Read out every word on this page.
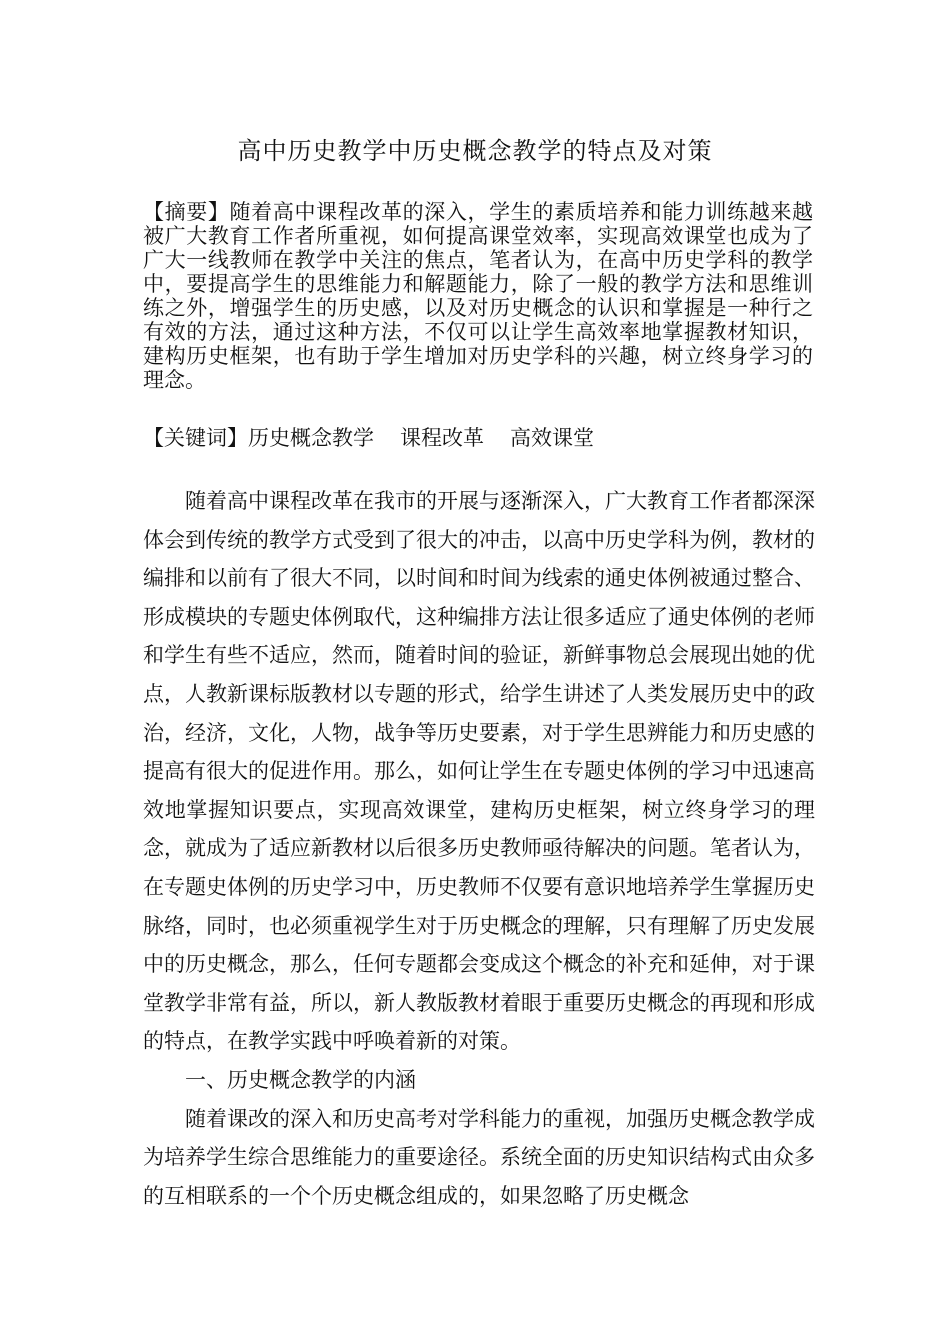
高中历史教学中历史概念教学的特点及对策

【摘要】随着高中课程改革的深入，学生的素质培养和能力训练越来越被广大教育工作者所重视，如何提高课堂效率，实现高效课堂也成为了广大一线教师在教学中关注的焦点，笔者认为，在高中历史学科的教学中，要提高学生的思维能力和解题能力，除了一般的教学方法和思维训练之外，增强学生的历史感，以及对历史概念的认识和掌握是一种行之有效的方法，通过这种方法，不仅可以让学生高效率地掌握教材知识，建构历史框架，也有助于学生增加对历史学科的兴趣，树立终身学习的理念。

【关键词】历史概念教学 课程改革 高效课堂

随着高中课程改革在我市的开展与逐渐深入，广大教育工作者都深深体会到传统的教学方式受到了很大的冲击，以高中历史学科为例，教材的编排和以前有了很大不同，以时间和时间为线索的通史体例被通过整合、形成模块的专题史体例取代，这种编排方法让很多适应了通史体例的老师和学生有些不适应，然而，随着时间的验证，新鲜事物总会展现出她的优点，人教新课标版教材以专题的形式，给学生讲述了人类发展历史中的政治，经济，文化，人物，战争等历史要素，对于学生思辨能力和历史感的提高有很大的促进作用。那么，如何让学生在专题史体例的学习中迅速高效地掌握知识要点，实现高效课堂，建构历史框架，树立终身学习的理念，就成为了适应新教材以后很多历史教师亟待解决的问题。笔者认为，在专题史体例的历史学习中，历史教师不仅要有意识地培养学生掌握历史脉络，同时，也必须重视学生对于历史概念的理解，只有理解了历史发展中的历史概念，那么，任何专题都会变成这个概念的补充和延伸，对于课堂教学非常有益，所以，新人教版教材着眼于重要历史概念的再现和形成的特点，在教学实践中呼唤着新的对策。

一、历史概念教学的内涵

随着课改的深入和历史高考对学科能力的重视，加强历史概念教学成为培养学生综合思维能力的重要途径。系统全面的历史知识结构式由众多的互相联系的一个个历史概念组成的，如果忽略了历史概念
